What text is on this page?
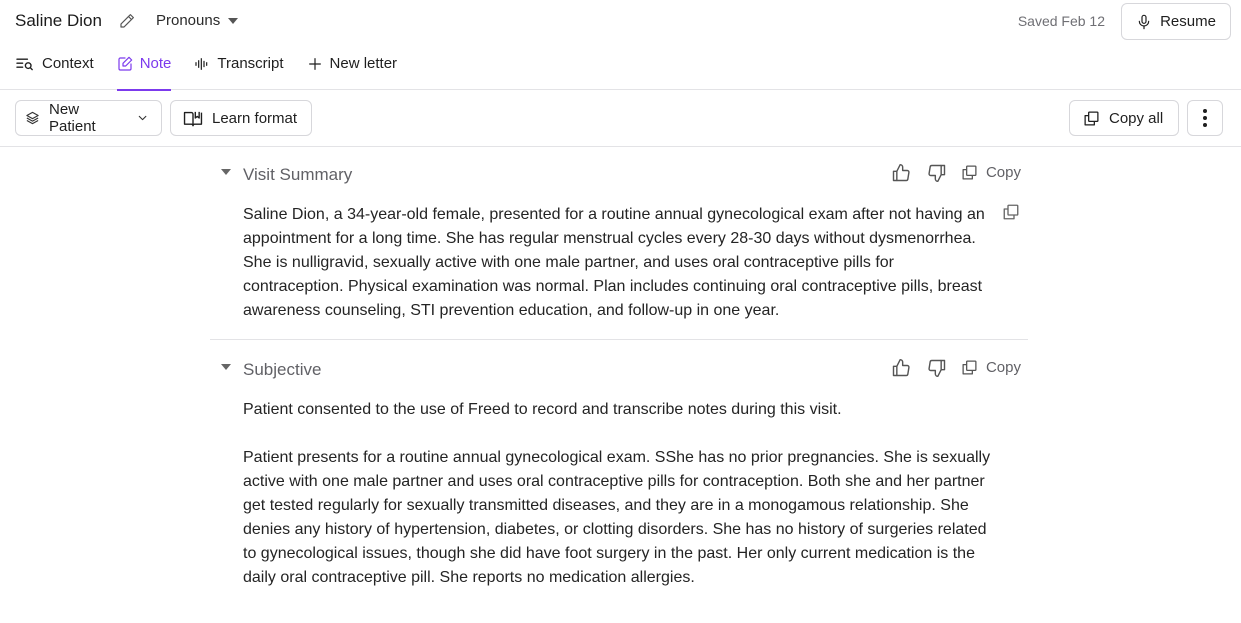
Saline Dion	Pronouns	Saved Feb 12	Resume
Context	Note	Transcript	New letter
New Patient	Learn format	Copy all
Visit Summary	Copy

Saline Dion, a 34-year-old female, presented for a routine annual gynecological exam after not having an appointment for a long time. She has regular menstrual cycles every 28-30 days without dysmenorrhea. She is nulligravid, sexually active with one male partner, and uses oral contraceptive pills for contraception. Physical examination was normal. Plan includes continuing oral contraceptive pills, breast awareness counseling, STI prevention education, and follow-up in one year.

Subjective	Copy

Patient consented to the use of Freed to record and transcribe notes during this visit.

Patient presents for a routine annual gynecological exam. SShe has no prior pregnancies. She is sexually active with one male partner and uses oral contraceptive pills for contraception. Both she and her partner get tested regularly for sexually transmitted diseases, and they are in a monogamous relationship. She denies any history of hypertension, diabetes, or clotting disorders. She has no history of surgeries related to gynecological issues, though she did have foot surgery in the past. Her only current medication is the daily oral contraceptive pill. She reports no medication allergies.
